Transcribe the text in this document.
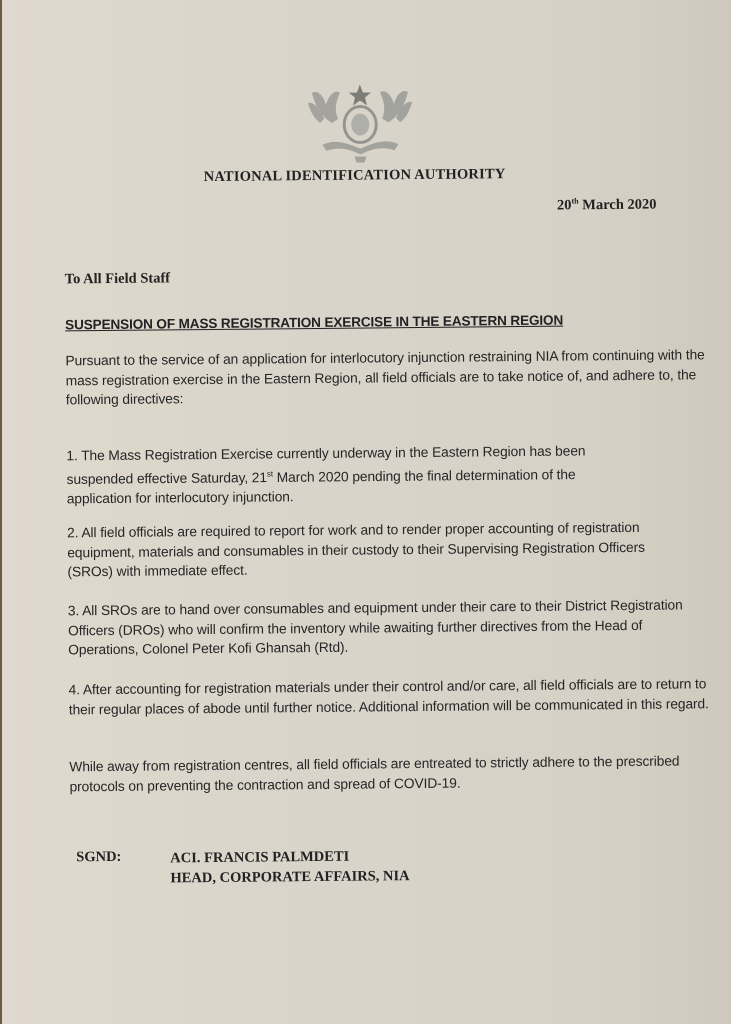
NATIONAL IDENTIFICATION AUTHORITY
20th March 2020
To All Field Staff
SUSPENSION OF MASS REGISTRATION EXERCISE IN THE EASTERN REGION
Pursuant to the service of an application for interlocutory injunction restraining NIA from continuing with the mass registration exercise in the Eastern Region, all field officials are to take notice of, and adhere to, the following directives:
1. The Mass Registration Exercise currently underway in the Eastern Region has been suspended effective Saturday, 21st March 2020 pending the final determination of the application for interlocutory injunction.
2. All field officials are required to report for work and to render proper accounting of registration equipment, materials and consumables in their custody to their Supervising Registration Officers (SROs) with immediate effect.
3. All SROs are to hand over consumables and equipment under their care to their District Registration Officers (DROs) who will confirm the inventory while awaiting further directives from the Head of Operations, Colonel Peter Kofi Ghansah (Rtd).
4. After accounting for registration materials under their control and/or care, all field officials are to return to their regular places of abode until further notice. Additional information will be communicated in this regard.
While away from registration centres, all field officials are entreated to strictly adhere to the prescribed protocols on preventing the contraction and spread of COVID-19.
SGND:	ACI. FRANCIS PALMDETI
HEAD, CORPORATE AFFAIRS, NIA
